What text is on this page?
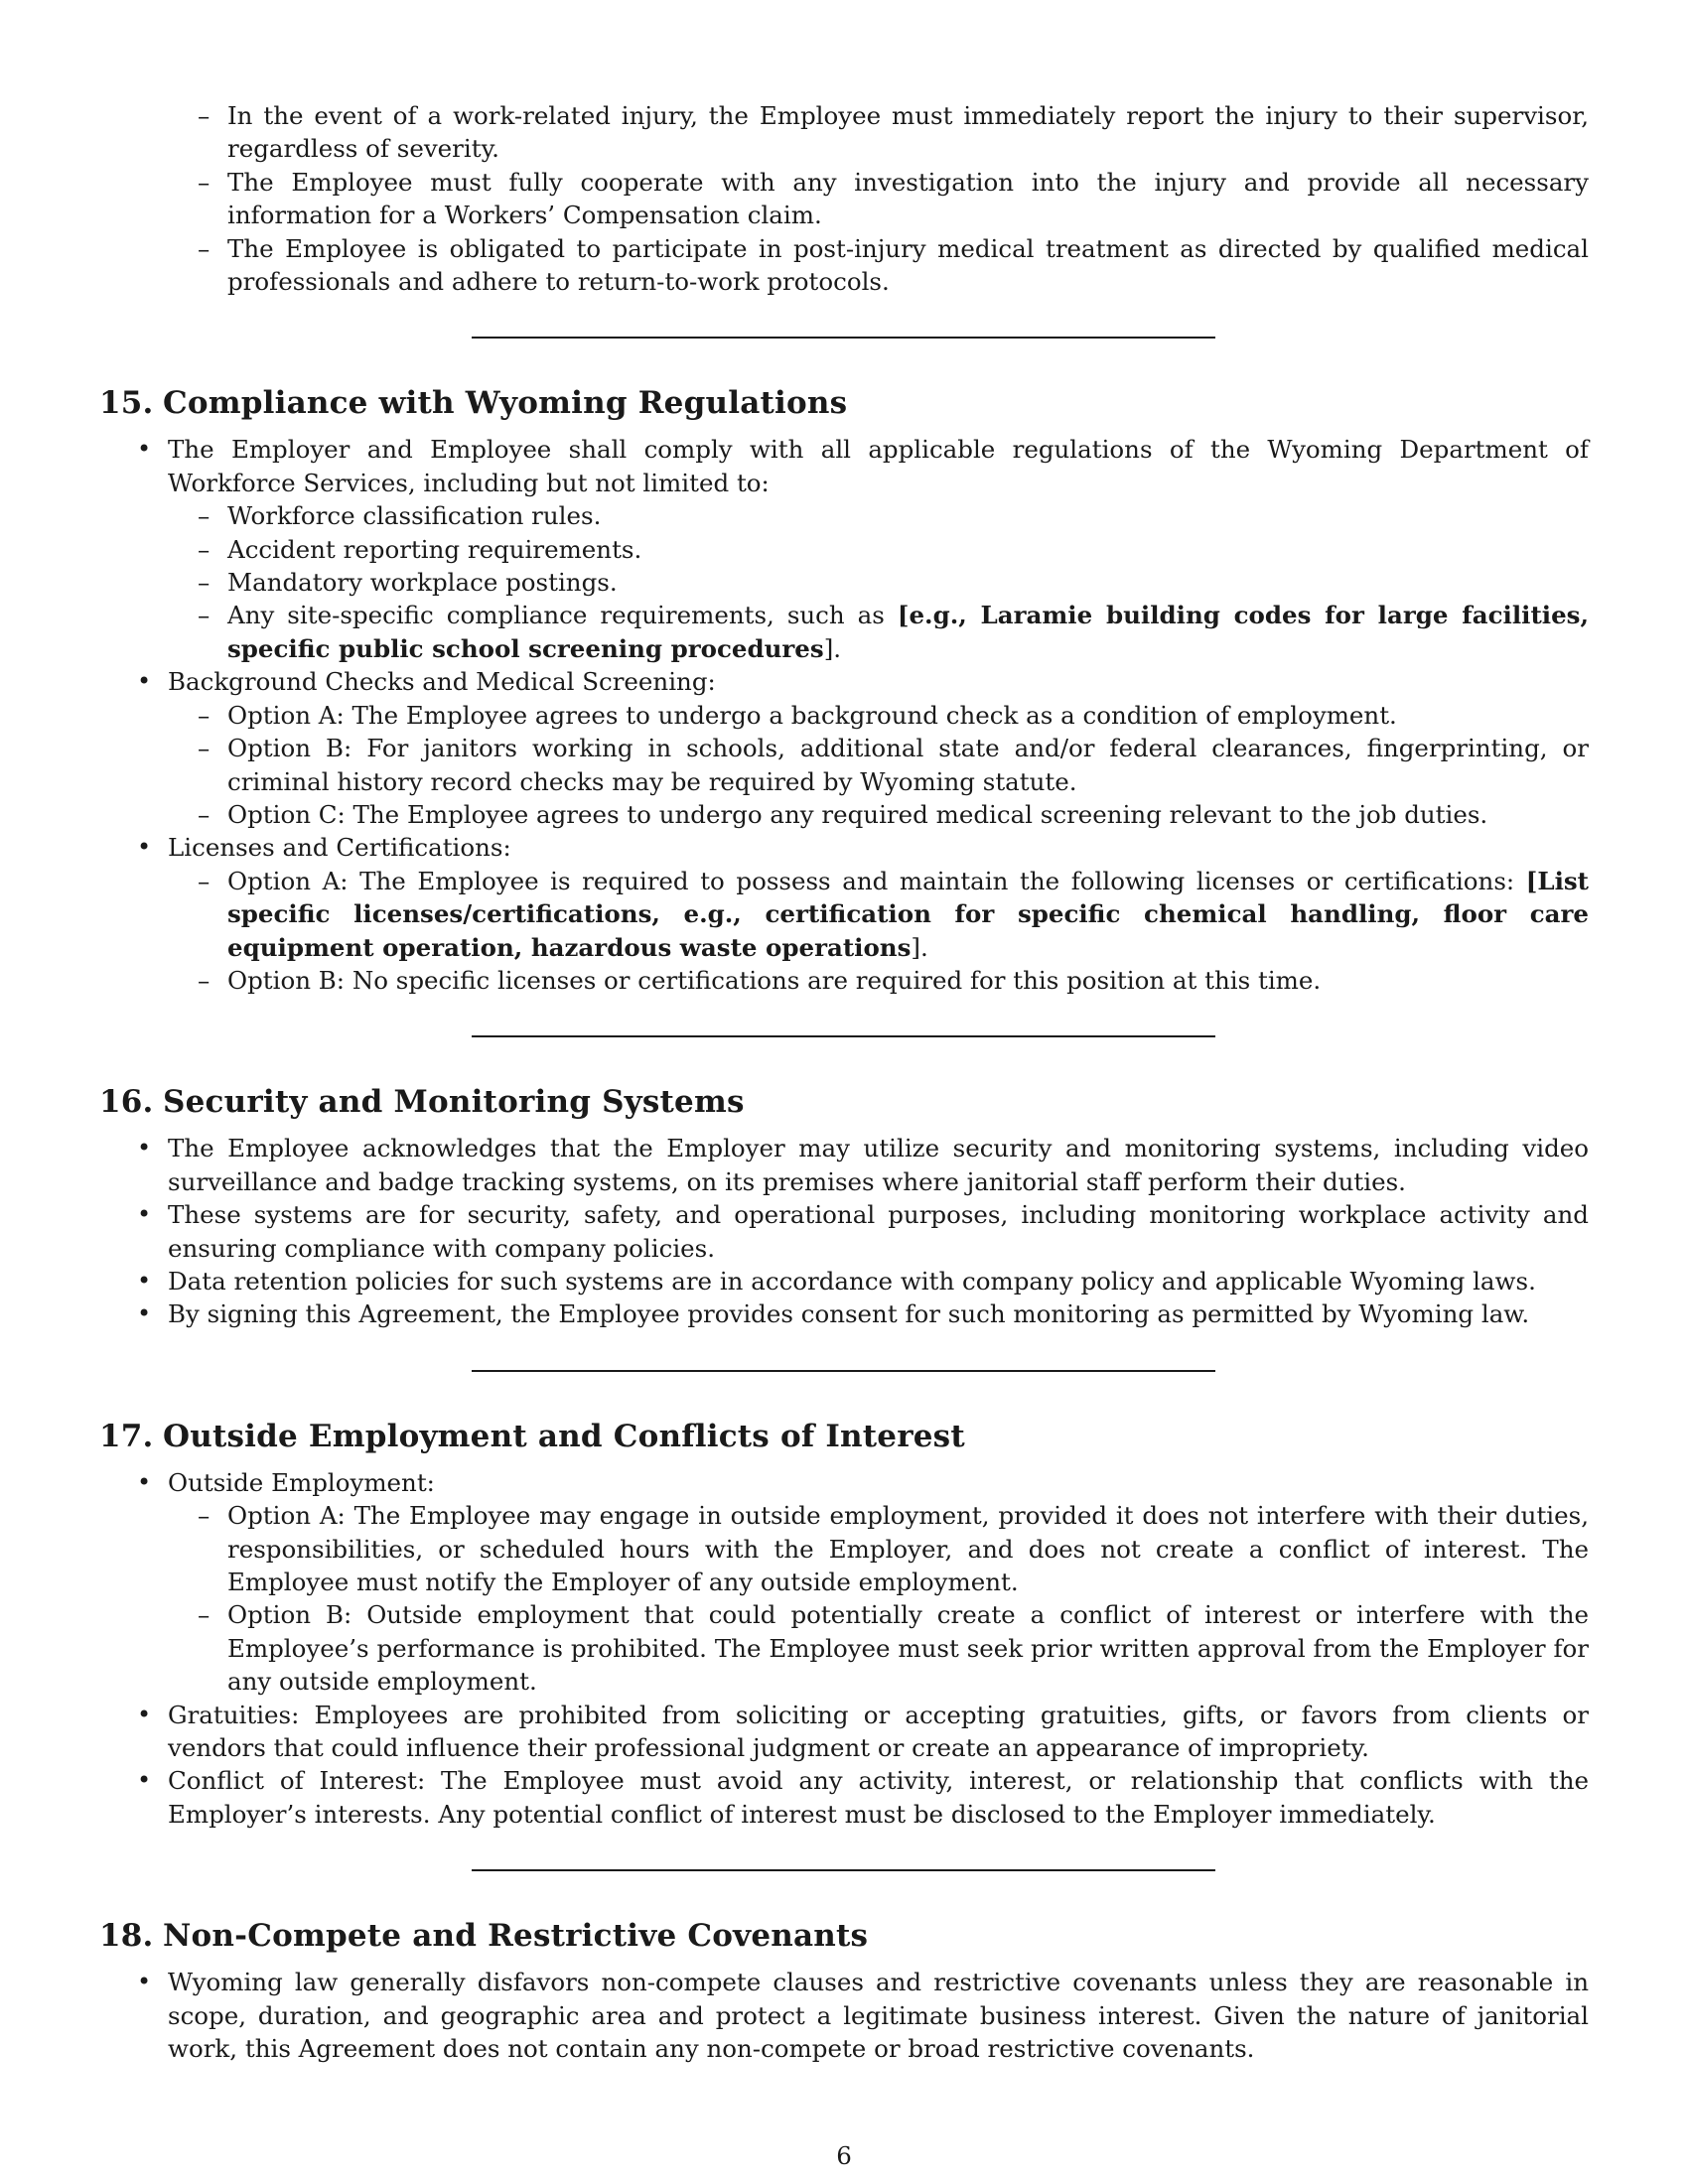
– In the event of a work-related injury, the Employee must immediately report the injury to their supervisor, regardless of severity.

– The Employee must fully cooperate with any investigation into the injury and provide all necessary information for a Workers’ Compensation claim.

– The Employee is obligated to participate in post-injury medical treatment as directed by qualified medical professionals and adhere to return-to-work protocols.

15. Compliance with Wyoming Regulations

• The Employer and Employee shall comply with all applicable regulations of the Wyoming Department of Workforce Services, including but not limited to:

– Workforce classification rules.

– Accident reporting requirements.

– Mandatory workplace postings.

– Any site-specific compliance requirements, such as [e.g., Laramie building codes for large facilities, specific public school screening procedures].

• Background Checks and Medical Screening:

– Option A: The Employee agrees to undergo a background check as a condition of employment.

– Option B: For janitors working in schools, additional state and/or federal clearances, fingerprinting, or criminal history record checks may be required by Wyoming statute.

– Option C: The Employee agrees to undergo any required medical screening relevant to the job duties.

• Licenses and Certifications:

– Option A: The Employee is required to possess and maintain the following licenses or certifications: [List specific licenses/certifications, e.g., certification for specific chemical handling, floor care equipment operation, hazardous waste operations].

– Option B: No specific licenses or certifications are required for this position at this time.

16. Security and Monitoring Systems

• The Employee acknowledges that the Employer may utilize security and monitoring systems, including video surveillance and badge tracking systems, on its premises where janitorial staff perform their duties.

• These systems are for security, safety, and operational purposes, including monitoring workplace activity and ensuring compliance with company policies.

• Data retention policies for such systems are in accordance with company policy and applicable Wyoming laws.

• By signing this Agreement, the Employee provides consent for such monitoring as permitted by Wyoming law.

17. Outside Employment and Conflicts of Interest

• Outside Employment:

– Option A: The Employee may engage in outside employment, provided it does not interfere with their duties, responsibilities, or scheduled hours with the Employer, and does not create a conflict of interest. The Employee must notify the Employer of any outside employment.

– Option B: Outside employment that could potentially create a conflict of interest or interfere with the Employee’s performance is prohibited. The Employee must seek prior written approval from the Employer for any outside employment.

• Gratuities: Employees are prohibited from soliciting or accepting gratuities, gifts, or favors from clients or vendors that could influence their professional judgment or create an appearance of impropriety.

• Conflict of Interest: The Employee must avoid any activity, interest, or relationship that conflicts with the Employer’s interests. Any potential conflict of interest must be disclosed to the Employer immediately.

18. Non-Compete and Restrictive Covenants

• Wyoming law generally disfavors non-compete clauses and restrictive covenants unless they are reasonable in scope, duration, and geographic area and protect a legitimate business interest. Given the nature of janitorial work, this Agreement does not contain any non-compete or broad restrictive covenants.

6
